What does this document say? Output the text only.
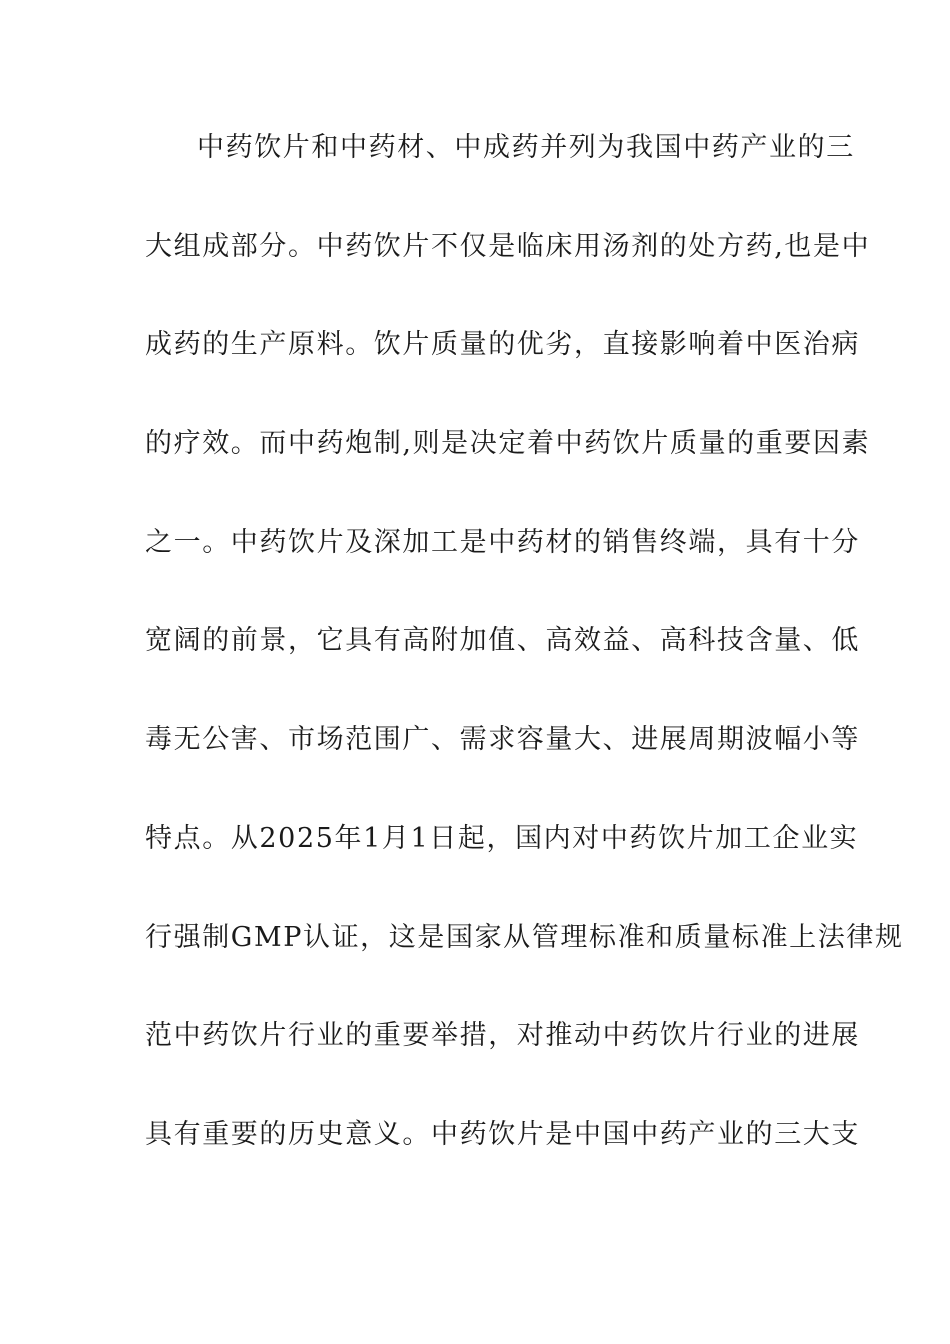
中药饮片和中药材、中成药并列为我国中药产业的三
大组成部分。中药饮片不仅是临床用汤剂的处方药,也是中
成药的生产原料。饮片质量的优劣，直接影响着中医治病
的疗效。而中药炮制,则是决定着中药饮片质量的重要因素
之一。中药饮片及深加工是中药材的销售终端，具有十分
宽阔的前景，它具有高附加值、高效益、高科技含量、低
毒无公害、市场范围广、需求容量大、进展周期波幅小等
特点。从2025年1月1日起，国内对中药饮片加工企业实
行强制GMP认证，这是国家从管理标准和质量标准上法律规
范中药饮片行业的重要举措，对推动中药饮片行业的进展
具有重要的历史意义。中药饮片是中国中药产业的三大支
